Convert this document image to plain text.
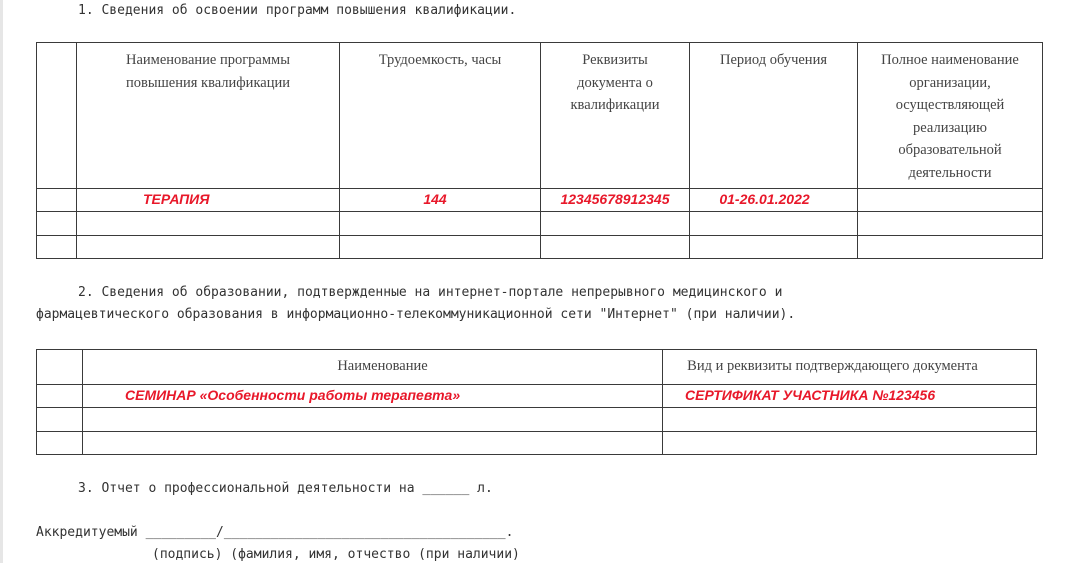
1. Сведения об освоении программ повышения квалификации.
	Наименование программы повышения квалификации	Трудоемкость, часы	Реквизиты документа о квалификации	Период обучения	Полное наименование организации, осуществляющей реализацию образовательной деятельности
	ТЕРАПИЯ	144	12345678912345	01-26.01.2022	

2. Сведения об образовании, подтвержденные на интернет-портале непрерывного медицинского и
фармацевтического образования в информационно-телекоммуникационной сети "Интернет" (при наличии).
	Наименование	Вид и реквизиты подтверждающего документа
	СЕМИНАР «Особенности работы терапевта»	СЕРТИФИКАТ УЧАСТНИКА №123456

3. Отчет о профессиональной деятельности на ______ л.
Аккредитуемый _________/____________________________________.
(подпись) (фамилия, имя, отчество (при наличии)
